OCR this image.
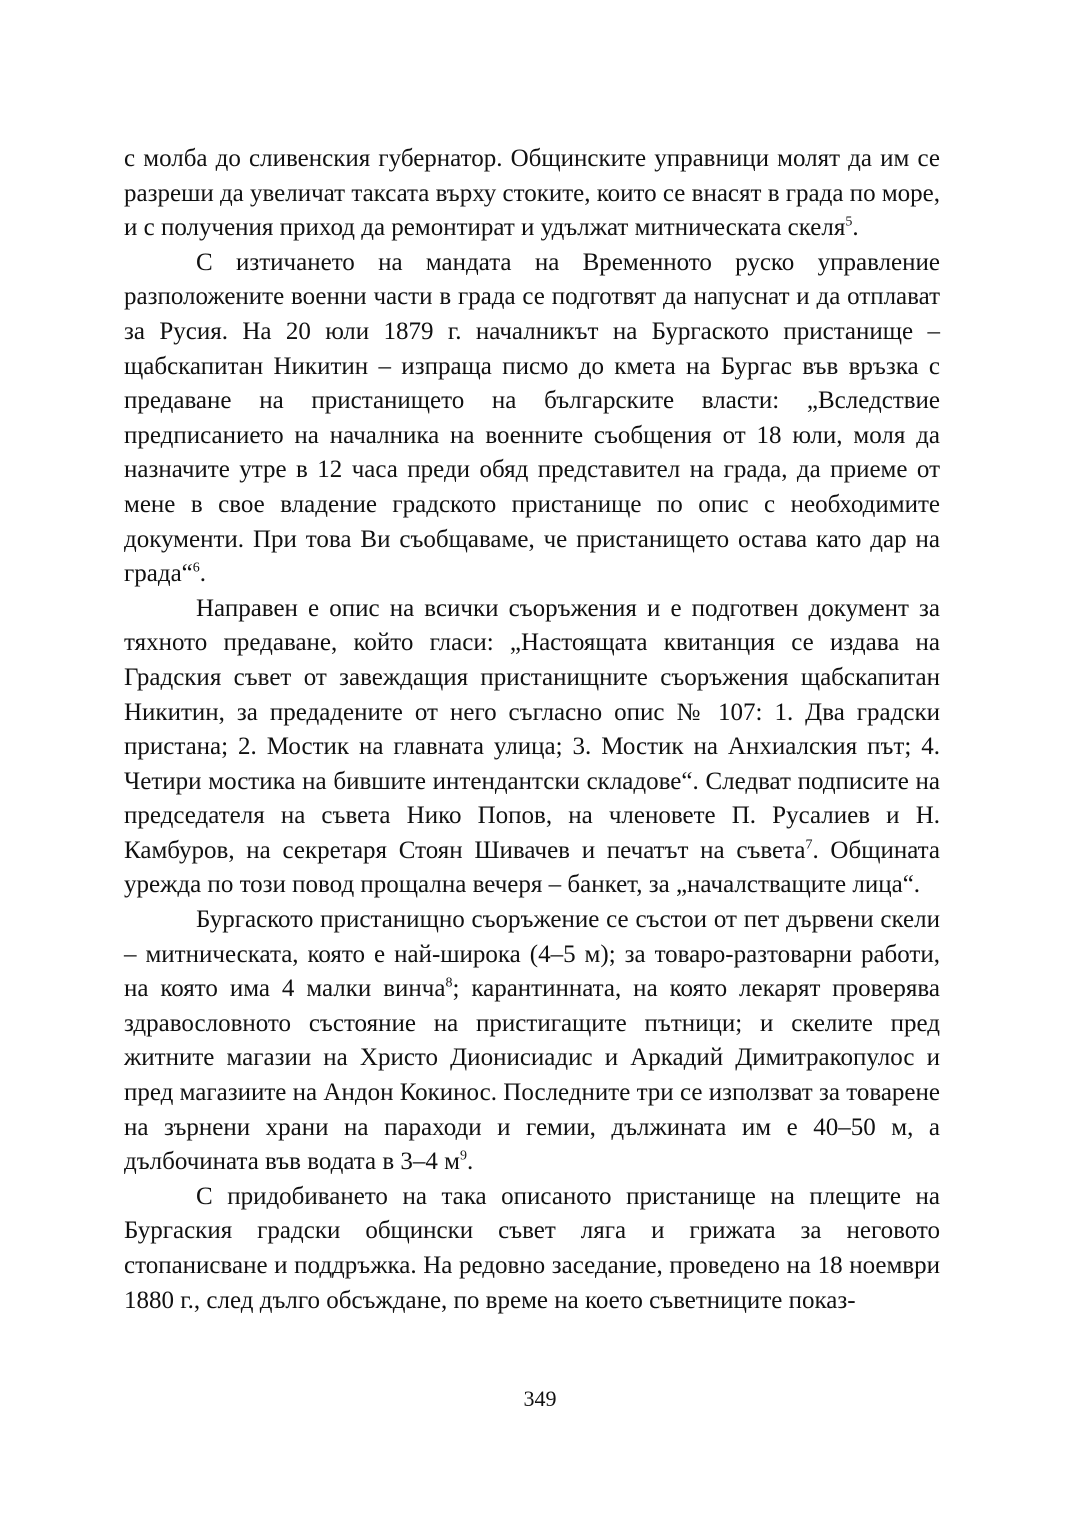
с молба до сливенския губернатор. Общинските управници молят да им се разреши да увеличат таксата върху стоките, които се внасят в града по море, и с получения приход да ремонтират и удължат митническата скеля$^5$.

С изтичането на мандата на Временното руско управление разположените военни части в града се подготвят да напуснат и да отплават за Русия. На 20 юли 1879 г. началникът на Бургаското пристанище – щабскапитан Никитин – изпраща писмо до кмета на Бургас във връзка с предаване на пристанището на българските власти: „Вследствие предписанието на началника на военните съобщения от 18 юли, моля да назначите утре в 12 часа преди обяд представител на града, да приеме от мене в свое владение градското пристанище по опис с необходимите документи. При това Ви съобщаваме, че пристанището остава като дар на града“$^6$.

Направен е опис на всички съоръжения и е подготвен документ за тяхното предаване, който гласи: „Настоящата квитанция се издава на Градския съвет от завеждащия пристанищните съоръжения щабскапитан Никитин, за предадените от него съгласно опис № 107: 1. Два градски пристана; 2. Мостик на главната улица; 3. Мостик на Анхиалския път; 4. Четири мостика на бившите интендантски складове“. Следват подписите на председателя на съвета Нико Попов, на членовете П. Русалиев и Н. Камбуров, на секретаря Стоян Шивачев и печатът на съвета$^7$. Общината урежда по този повод прощална вечеря – банкет, за „началстващите лица“.

Бургаското пристанищно съоръжение се състои от пет дървени скели – митническата, която е най-широка (4–5 м); за товаро-разтоварни работи, на която има 4 малки винча$^8$; карантинната, на която лекарят проверява здравословното състояние на пристигащите пътници; и скелите пред житните магазии на Христо Дионисиадис и Аркадий Димитракопулос и пред магазиите на Андон Кокинос. Последните три се използват за товарене на зърнени храни на параходи и гемии, дължината им е 40–50 м, а дълбочината във водата в 3–4 $м^9$.

С придобиването на така описаното пристанище на плещите на Бургаския градски общински съвет ляга и грижата за неговото стопанисване и поддръжка. На редовно заседание, проведено на 18 ноември 1880 г., след дълго обсъждане, по време на което съветниците показ-

349
